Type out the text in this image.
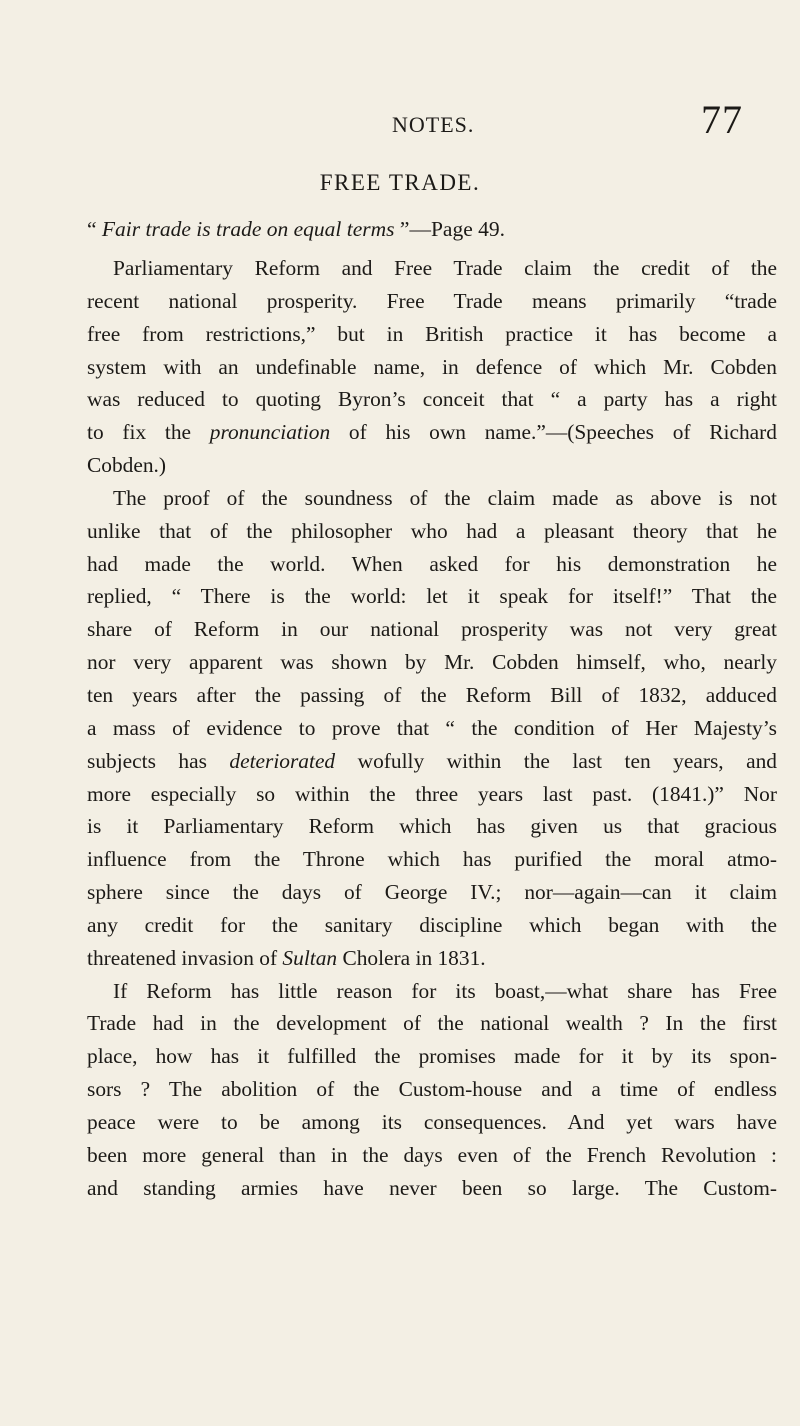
NOTES.	77
FREE TRADE.
“ Fair trade is trade on equal terms ”—Page 49.
Parliamentary Reform and Free Trade claim the credit of the
recent national prosperity. Free Trade means primarily “trade
free from restrictions,” but in British practice it has become a
system with an undefinable name, in defence of which Mr. Cobden
was reduced to quoting Byron’s conceit that “ a party has a right
to fix the pronunciation of his own name.”—(Speeches of Richard
Cobden.)
The proof of the soundness of the claim made as above is not
unlike that of the philosopher who had a pleasant theory that he
had made the world. When asked for his demonstration he
replied, “ There is the world: let it speak for itself!” That the
share of Reform in our national prosperity was not very great
nor very apparent was shown by Mr. Cobden himself, who, nearly
ten years after the passing of the Reform Bill of 1832, adduced
a mass of evidence to prove that “ the condition of Her Majesty’s
subjects has deteriorated wofully within the last ten years, and
more especially so within the three years last past. (1841.)” Nor
is it Parliamentary Reform which has given us that gracious
influence from the Throne which has purified the moral atmo-
sphere since the days of George IV.; nor—again—can it claim
any credit for the sanitary discipline which began with the
threatened invasion of Sultan Cholera in 1831.
If Reform has little reason for its boast,—what share has Free
Trade had in the development of the national wealth ? In the first
place, how has it fulfilled the promises made for it by its spon-
sors ? The abolition of the Custom-house and a time of endless
peace were to be among its consequences. And yet wars have
been more general than in the days even of the French Revolution :
and standing armies have never been so large. The Custom-
